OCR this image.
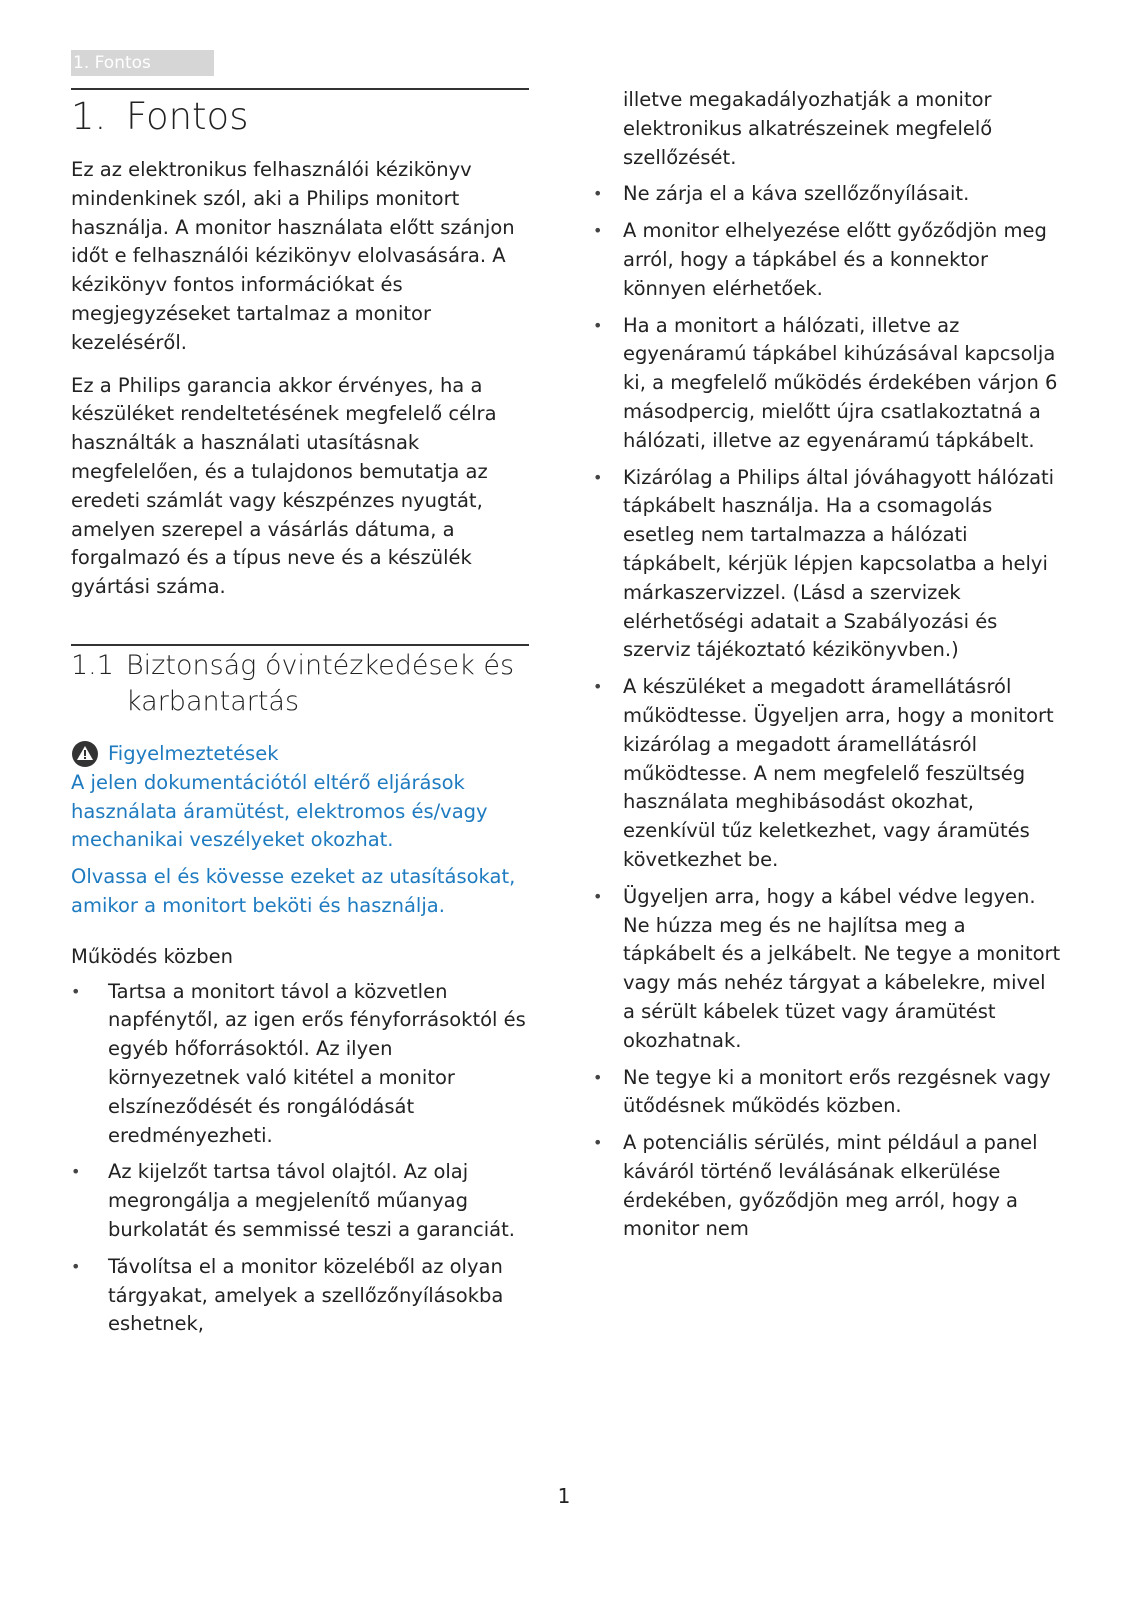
1. Fontos
1. Fontos

Ez az elektronikus felhasználói kézikönyv mindenkinek szól, aki a Philips monitort használja. A monitor használata előtt szánjon időt e felhasználói kézikönyv elolvasására. A kézikönyv fontos információkat és megjegyzéseket tartalmaz a monitor kezeléséről.

Ez a Philips garancia akkor érvényes, ha a készüléket rendeltetésének megfelelő célra használták a használati utasításnak megfelelően, és a tulajdonos bemutatja az eredeti számlát vagy készpénzes nyugtát, amelyen szerepel a vásárlás dátuma, a forgalmazó és a típus neve és a készülék gyártási száma.

1.1 Biztonság óvintézkedések és karbantartás
Figyelmeztetések

A jelen dokumentációtól eltérő eljárások használata áramütést, elektromos és/vagy mechanikai veszélyeket okozhat.

Olvassa el és kövesse ezeket az utasításokat, amikor a monitort beköti és használja.

Működés közben
• Tartsa a monitort távol a közvetlen napfénytől, az igen erős fényforrásoktól és egyéb hőforrásoktól. Az ilyen környezetnek való kitétel a monitor elszíneződését és rongálódását eredményezheti.
• Az kijelzőt tartsa távol olajtól. Az olaj megrongálja a megjelenítő műanyag burkolatát és semmissé teszi a garanciát.
• Távolítsa el a monitor közeléből az olyan tárgyakat, amelyek a szellőzőnyílásokba eshetnek,
illetve megakadályozhatják a monitor elektronikus alkatrészeinek megfelelő szellőzését.
• Ne zárja el a káva szellőzőnyílásait.
• A monitor elhelyezése előtt győződjön meg arról, hogy a tápkábel és a konnektor könnyen elérhetőek.
• Ha a monitort a hálózati, illetve az egyenáramú tápkábel kihúzásával kapcsolja ki, a megfelelő működés érdekében várjon 6 másodpercig, mielőtt újra csatlakoztatná a hálózati, illetve az egyenáramú tápkábelt.
• Kizárólag a Philips által jóváhagyott hálózati tápkábelt használja. Ha a csomagolás esetleg nem tartalmazza a hálózati tápkábelt, kérjük lépjen kapcsolatba a helyi márkaszervizzel. (Lásd a szervizek elérhetőségi adatait a Szabályozási és szerviz tájékoztató kézikönyvben.)
• A készüléket a megadott áramellátásról működtesse. Ügyeljen arra, hogy a monitort kizárólag a megadott áramellátásról működtesse. A nem megfelelő feszültség használata meghibásodást okozhat, ezenkívül tűz keletkezhet, vagy áramütés következhet be.
• Ügyeljen arra, hogy a kábel védve legyen. Ne húzza meg és ne hajlítsa meg a tápkábelt és a jelkábelt. Ne tegye a monitort vagy más nehéz tárgyat a kábelekre, mivel a sérült kábelek tüzet vagy áramütést okozhatnak.
• Ne tegye ki a monitort erős rezgésnek vagy ütődésnek működés közben.
• A potenciális sérülés, mint például a panel káváról történő leválásának elkerülése érdekében, győződjön meg arról, hogy a monitor nem
1
